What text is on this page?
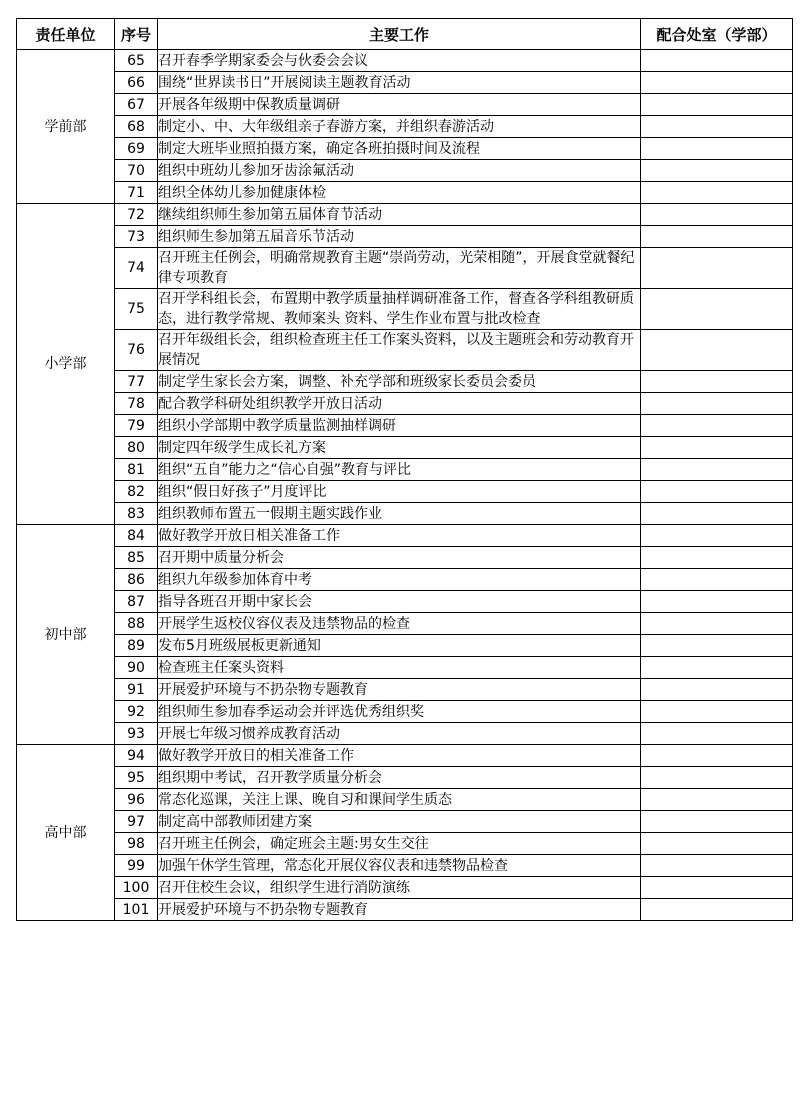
责任单位	序号	主要工作	配合处室（学部）
学前部	65	召开春季学期家委会与伙委会会议	
	66	围绕“世界读书日”开展阅读主题教育活动	
	67	开展各年级期中保教质量调研	
	68	制定小、中、大年级组亲子春游方案，并组织春游活动	
	69	制定大班毕业照拍摄方案，确定各班拍摄时间及流程	
	70	组织中班幼儿参加牙齿涂氟活动	
	71	组织全体幼儿参加健康体检	
小学部	72	继续组织师生参加第五届体育节活动	
	73	组织师生参加第五届音乐节活动	
	74	召开班主任例会，明确常规教育主题“崇尚劳动，光荣相随”，开展食堂就餐纪律专项教育	
	75	召开学科组长会，布置期中教学质量抽样调研准备工作，督查各学科组教研质态，进行教学常规、教师案头 资料、学生作业布置与批改检查	
	76	召开年级组长会，组织检查班主任工作案头资料，以及主题班会和劳动教育开展情况	
	77	制定学生家长会方案，调整、补充学部和班级家长委员会委员	
	78	配合教学科研处组织教学开放日活动	
	79	组织小学部期中教学质量监测抽样调研	
	80	制定四年级学生成长礼方案	
	81	组织“五自”能力之“信心自强”教育与评比	
	82	组织“假日好孩子”月度评比	
	83	组织教师布置五一假期主题实践作业	
初中部	84	做好教学开放日相关准备工作	
	85	召开期中质量分析会	
	86	组织九年级参加体育中考	
	87	指导各班召开期中家长会	
	88	开展学生返校仪容仪表及违禁物品的检查	
	89	发布5月班级展板更新通知	
	90	检查班主任案头资料	
	91	开展爱护环境与不扔杂物专题教育	
	92	组织师生参加春季运动会并评选优秀组织奖	
	93	开展七年级习惯养成教育活动	
高中部	94	做好教学开放日的相关准备工作	
	95	组织期中考试，召开教学质量分析会	
	96	常态化巡课，关注上课、晚自习和课间学生质态	
	97	制定高中部教师团建方案	
	98	召开班主任例会，确定班会主题:男女生交往	
	99	加强午休学生管理，常态化开展仪容仪表和违禁物品检查	
	100	召开住校生会议，组织学生进行消防演练	
	101	开展爱护环境与不扔杂物专题教育	
